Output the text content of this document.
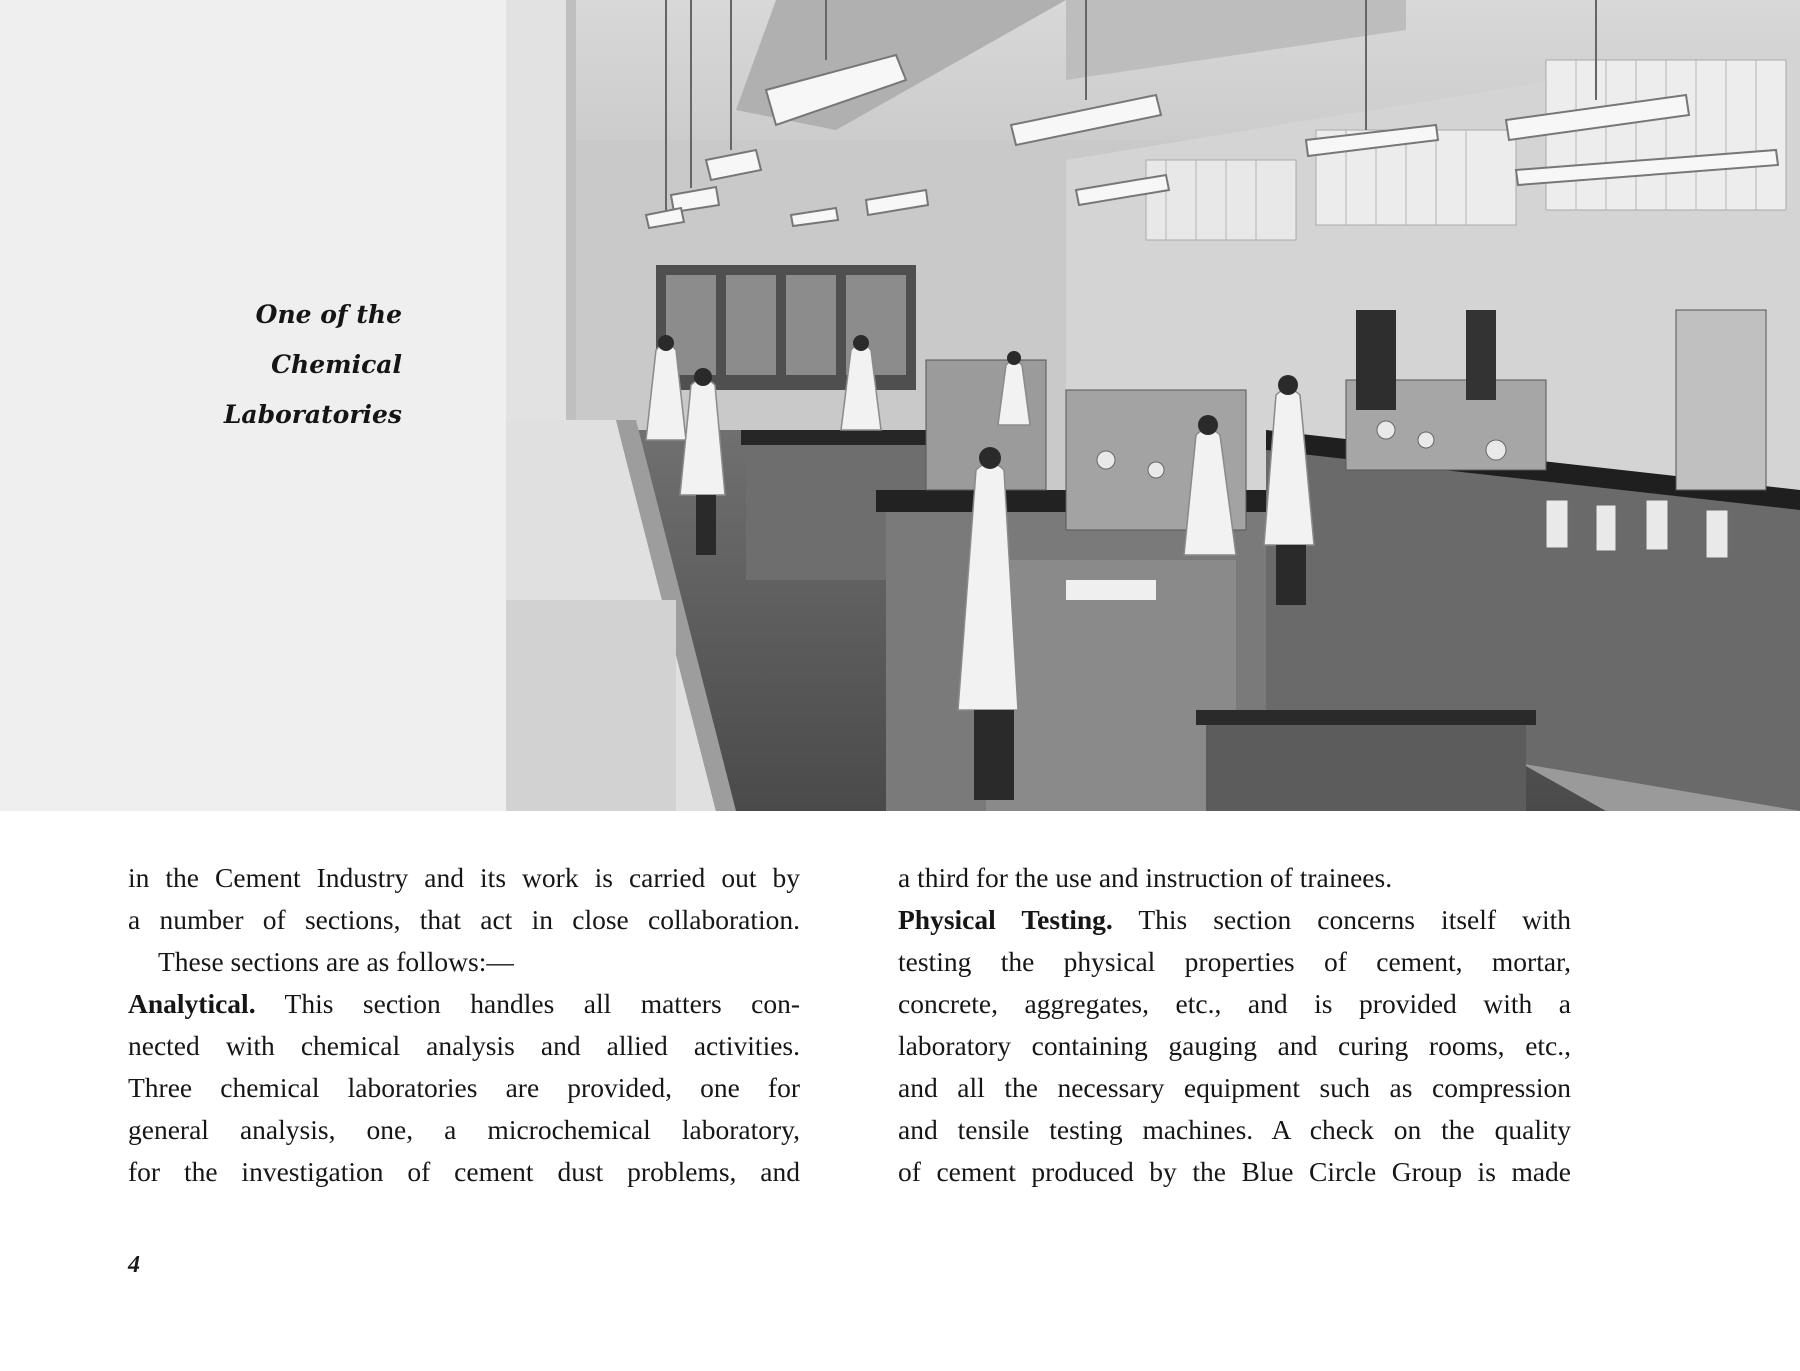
One of the
Chemical
Laboratories
in the Cement Industry and its work is carried out by
a number of sections, that act in close collaboration.
These sections are as follows:—
Analytical. This section handles all matters con-
nected with chemical analysis and allied activities.
Three chemical laboratories are provided, one for
general analysis, one, a microchemical laboratory,
for the investigation of cement dust problems, and
a third for the use and instruction of trainees.
Physical Testing. This section concerns itself with
testing the physical properties of cement, mortar,
concrete, aggregates, etc., and is provided with a
laboratory containing gauging and curing rooms, etc.,
and all the necessary equipment such as compression
and tensile testing machines. A check on the quality
of cement produced by the Blue Circle Group is made
4
